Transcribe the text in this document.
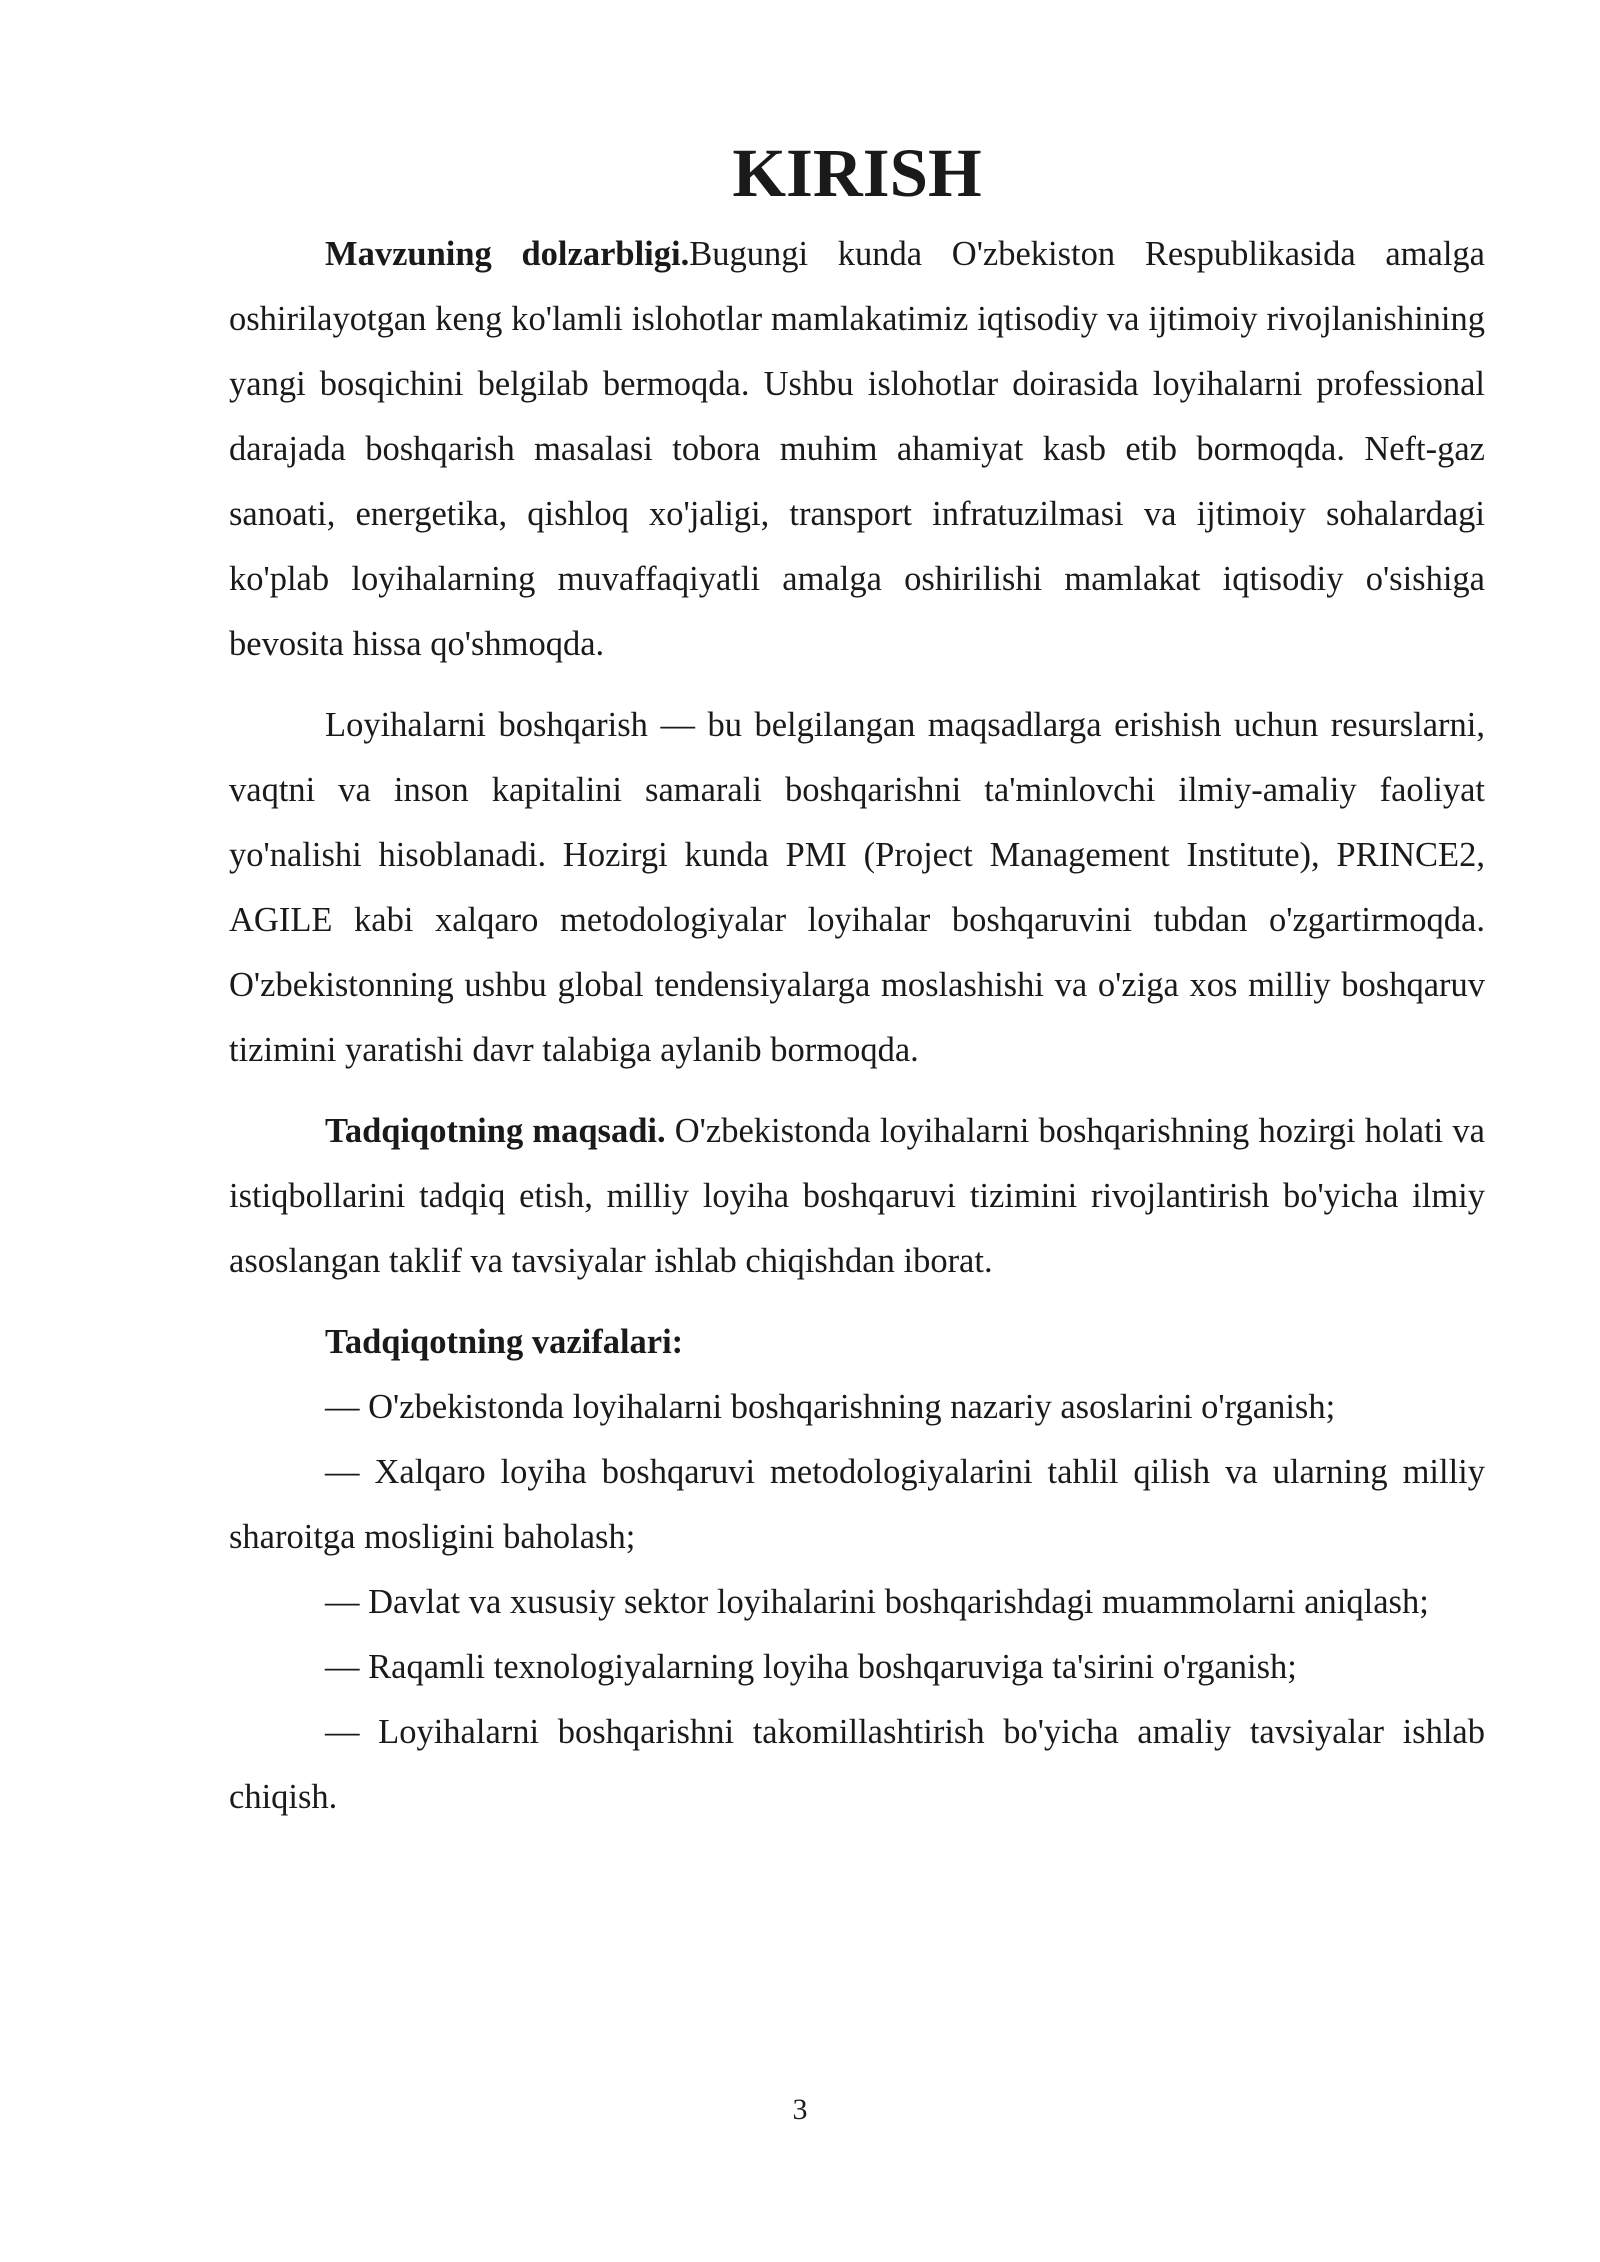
KIRISH

Mavzuning dolzarbligi.Bugungi kunda O'zbekiston Respublikasida amalga oshirilayotgan keng ko'lamli islohotlar mamlakatimiz iqtisodiy va ijtimoiy rivojlanishining yangi bosqichini belgilab bermoqda. Ushbu islohotlar doirasida loyihalarni professional darajada boshqarish masalasi tobora muhim ahamiyat kasb etib bormoqda. Neft-gaz sanoati, energetika, qishloq xo'jaligi, transport infratuzilmasi va ijtimoiy sohalardagi ko'plab loyihalarning muvaffaqiyatli amalga oshirilishi mamlakat iqtisodiy o'sishiga bevosita hissa qo'shmoqda.

Loyihalarni boshqarish — bu belgilangan maqsadlarga erishish uchun resurslarni, vaqtni va inson kapitalini samarali boshqarishni ta'minlovchi ilmiy-amaliy faoliyat yo'nalishi hisoblanadi. Hozirgi kunda PMI (Project Management Institute), PRINCE2, AGILE kabi xalqaro metodologiyalar loyihalar boshqaruvini tubdan o'zgartirmoqda. O'zbekistonning ushbu global tendensiyalarga moslashishi va o'ziga xos milliy boshqaruv tizimini yaratishi davr talabiga aylanib bormoqda.

Tadqiqotning maqsadi. O'zbekistonda loyihalarni boshqarishning hozirgi holati va istiqbollarini tadqiq etish, milliy loyiha boshqaruvi tizimini rivojlantirish bo'yicha ilmiy asoslangan taklif va tavsiyalar ishlab chiqishdan iborat.

Tadqiqotning vazifalari:

— O'zbekistonda loyihalarni boshqarishning nazariy asoslarini o'rganish;

— Xalqaro loyiha boshqaruvi metodologiyalarini tahlil qilish va ularning milliy sharoitga mosligini baholash;

— Davlat va xususiy sektor loyihalarini boshqarishdagi muammolarni aniqlash;

— Raqamli texnologiyalarning loyiha boshqaruviga ta'sirini o'rganish;

— Loyihalarni boshqarishni takomillashtirish bo'yicha amaliy tavsiyalar ishlab chiqish.

3
